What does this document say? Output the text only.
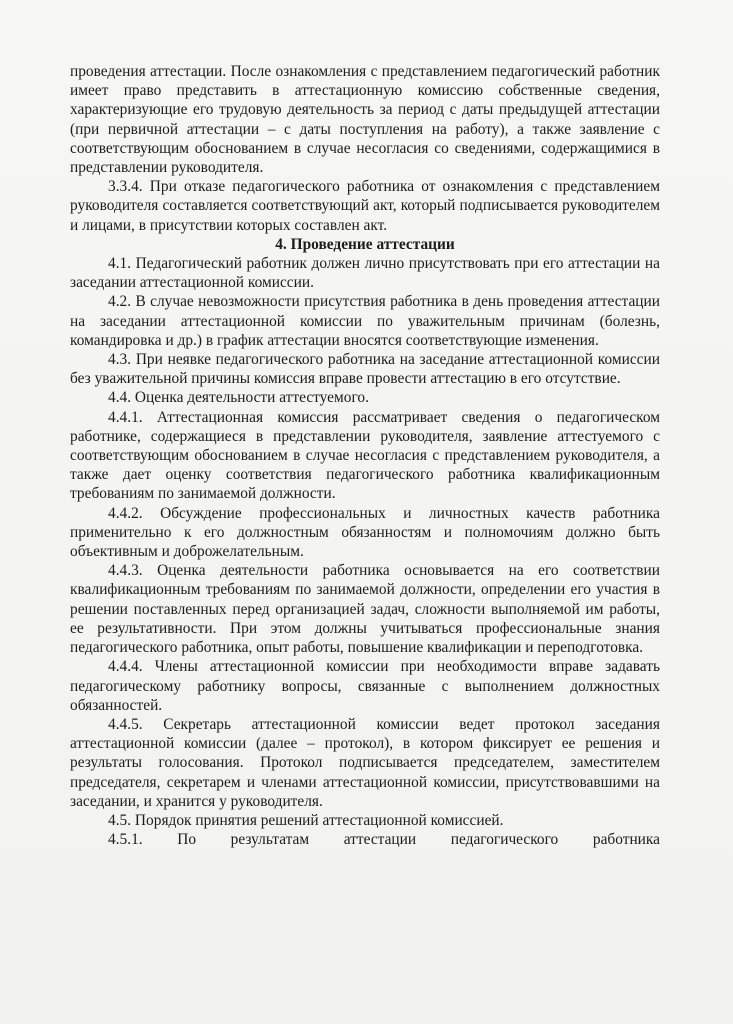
проведения аттестации. После ознакомления с представлением педагогический работник имеет право представить в аттестационную комиссию собственные сведения, характеризующие его трудовую деятельность за период с даты предыдущей аттестации (при первичной аттестации – с даты поступления на работу), а также заявление с соответствующим обоснованием в случае несогласия со сведениями, содержащимися в представлении руководителя.

3.3.4. При отказе педагогического работника от ознакомления с представлением руководителя составляется соответствующий акт, который подписывается руководителем и лицами, в присутствии которых составлен акт.

4. Проведение аттестации

4.1. Педагогический работник должен лично присутствовать при его аттестации на заседании аттестационной комиссии.

4.2. В случае невозможности присутствия работника в день проведения аттестации на заседании аттестационной комиссии по уважительным причинам (болезнь, командировка и др.) в график аттестации вносятся соответствующие изменения.

4.3. При неявке педагогического работника на заседание аттестационной комиссии без уважительной причины комиссия вправе провести аттестацию в его отсутствие.

4.4. Оценка деятельности аттестуемого.

4.4.1. Аттестационная комиссия рассматривает сведения о педагогическом работнике, содержащиеся в представлении руководителя, заявление аттестуемого с соответствующим обоснованием в случае несогласия с представлением руководителя, а также дает оценку соответствия педагогического работника квалификационным требованиям по занимаемой должности.

4.4.2. Обсуждение профессиональных и личностных качеств работника применительно к его должностным обязанностям и полномочиям должно быть объективным и доброжелательным.

4.4.3. Оценка деятельности работника основывается на его соответствии квалификационным требованиям по занимаемой должности, определении его участия в решении поставленных перед организацией задач, сложности выполняемой им работы, ее результативности. При этом должны учитываться профессиональные знания педагогического работника, опыт работы, повышение квалификации и переподготовка.

4.4.4. Члены аттестационной комиссии при необходимости вправе задавать педагогическому работнику вопросы, связанные с выполнением должностных обязанностей.

4.4.5. Секретарь аттестационной комиссии ведет протокол заседания аттестационной комиссии (далее – протокол), в котором фиксирует ее решения и результаты голосования. Протокол подписывается председателем, заместителем председателя, секретарем и членами аттестационной комиссии, присутствовавшими на заседании, и хранится у руководителя.

4.5. Порядок принятия решений аттестационной комиссией.

4.5.1. По результатам аттестации педагогического работника
